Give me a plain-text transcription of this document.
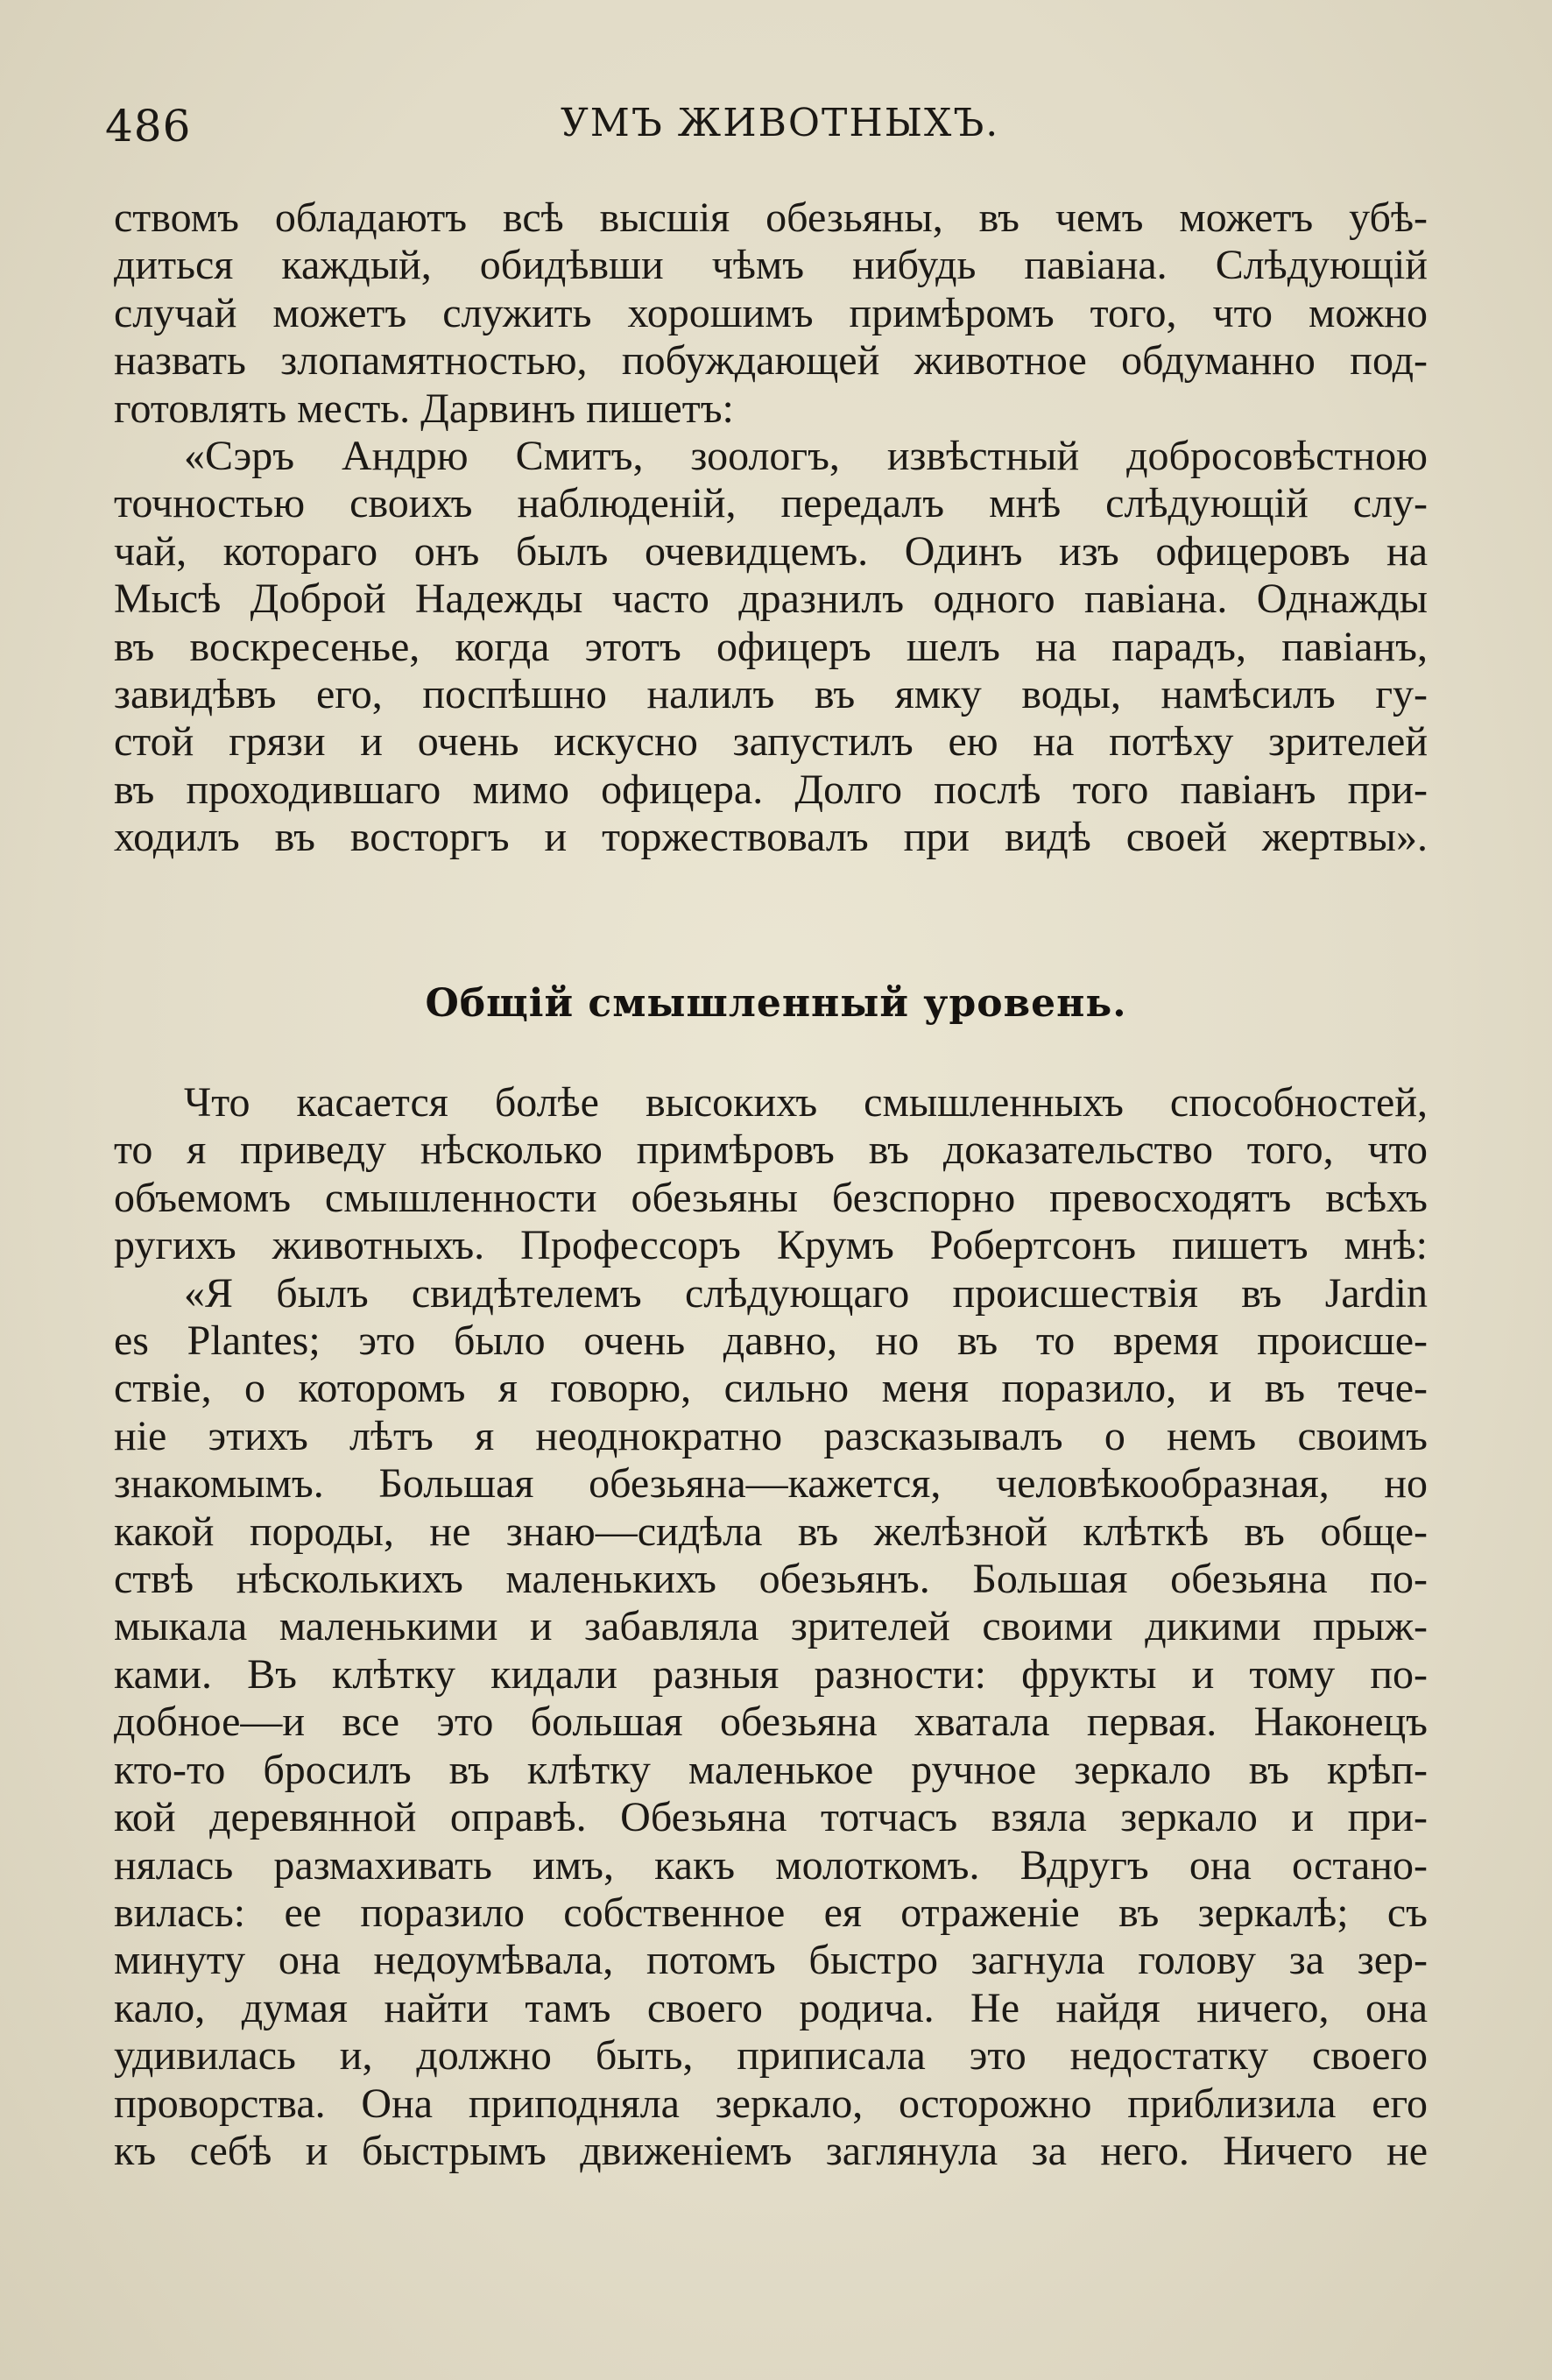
486	УМЪ ЖИВОТНЫХЪ.
ствомъ обладаютъ всѣ высшія обезьяны, въ чемъ можетъ убѣ-
диться каждый, обидѣвши чѣмъ нибудь павіана. Слѣдующій
случай можетъ служить хорошимъ примѣромъ того, что можно
назвать злопамятностью, побуждающей животное обдуманно под-
готовлять месть. Дарвинъ пишетъ:
«Сэръ Андрю Смитъ, зоологъ, извѣстный добросовѣстною
точностью своихъ наблюденій, передалъ мнѣ слѣдующій слу-
чай, котораго онъ былъ очевидцемъ. Одинъ изъ офицеровъ на
Мысѣ Доброй Надежды часто дразнилъ одного павіана. Однажды
въ воскресенье, когда этотъ офицеръ шелъ на парадъ, павіанъ,
завидѣвъ его, поспѣшно налилъ въ ямку воды, намѣсилъ гу-
стой грязи и очень искусно запустилъ ею на потѣху зрителей
въ проходившаго мимо офицера. Долго послѣ того павіанъ при-
ходилъ въ восторгъ и торжествовалъ при видѣ своей жертвы».
Общій смышленный уровень.
Что касается болѣе высокихъ смышленныхъ способностей,
то я приведу нѣсколько примѣровъ въ доказательство того, что
объемомъ смышленности обезьяны безспорно превосходятъ всѣхъ
ругихъ животныхъ. Профессоръ Крумъ Робертсонъ пишетъ мнѣ:
«Я былъ свидѣтелемъ слѣдующаго происшествія въ Jardin
es Plantes; это было очень давно, но въ то время происше-
ствіе, о которомъ я говорю, сильно меня поразило, и въ тече-
ніе этихъ лѣтъ я неоднократно разсказывалъ о немъ своимъ
знакомымъ. Большая обезьяна—кажется, человѣкообразная, но
какой породы, не знаю—сидѣла въ желѣзной клѣткѣ въ обще-
ствѣ нѣсколькихъ маленькихъ обезьянъ. Большая обезьяна по-
мыкала маленькими и забавляла зрителей своими дикими прыж-
ками. Въ клѣтку кидали разныя разности: фрукты и тому по-
добное—и все это большая обезьяна хватала первая. Наконецъ
кто-то бросилъ въ клѣтку маленькое ручное зеркало въ крѣп-
кой деревянной оправѣ. Обезьяна тотчасъ взяла зеркало и при-
нялась размахивать имъ, какъ молоткомъ. Вдругъ она остано-
вилась: ее поразило собственное ея отраженіе въ зеркалѣ; съ
минуту она недоумѣвала, потомъ быстро загнула голову за зер-
кало, думая найти тамъ своего родича. Не найдя ничего, она
удивилась и, должно быть, приписала это недостатку своего
проворства. Она приподняла зеркало, осторожно приблизила его
къ себѣ и быстрымъ движеніемъ заглянула за него. Ничего не
